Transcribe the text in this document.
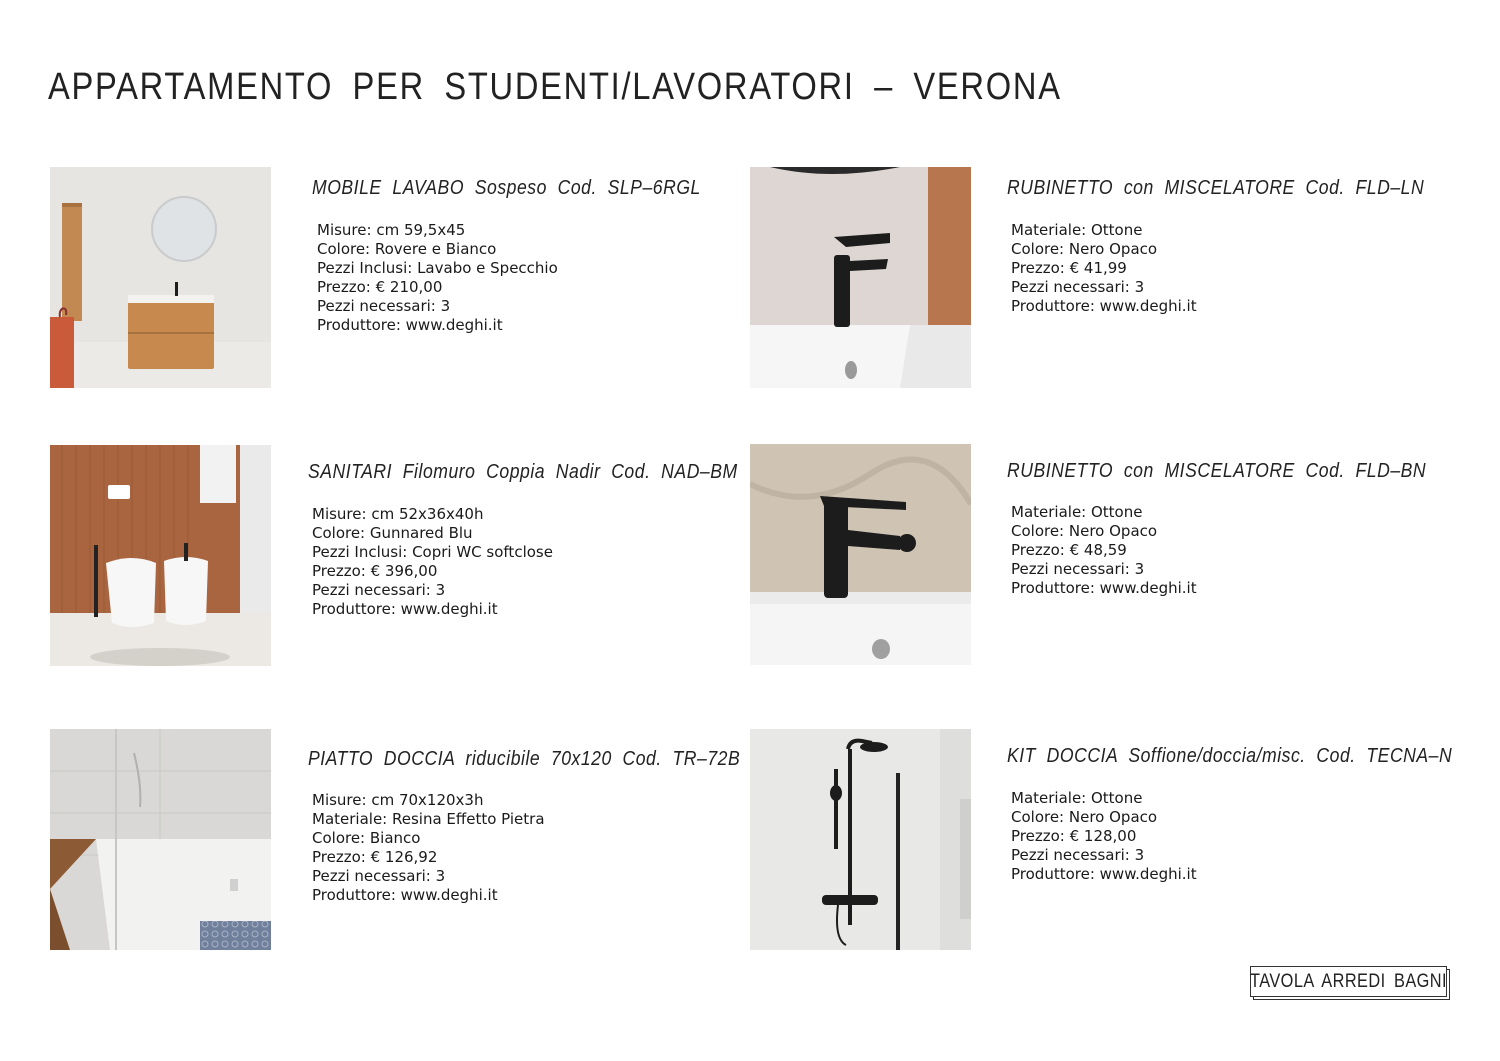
APPARTAMENTO PER STUDENTI/LAVORATORI – VERONA
MOBILE LAVABO Sospeso Cod. SLP–6RGL
Misure: cm 59,5x45
Colore: Rovere e Bianco
Pezzi Inclusi: Lavabo e Specchio
Prezzo: € 210,00
Pezzi necessari: 3
Produttore: www.deghi.it
RUBINETTO con MISCELATORE Cod. FLD–LN
Materiale: Ottone
Colore: Nero Opaco
Prezzo: € 41,99
Pezzi necessari: 3
Produttore: www.deghi.it
SANITARI Filomuro Coppia Nadir Cod. NAD–BM
Misure: cm 52x36x40h
Colore: Gunnared Blu
Pezzi Inclusi: Copri WC softclose
Prezzo: € 396,00
Pezzi necessari: 3
Produttore: www.deghi.it
RUBINETTO con MISCELATORE Cod. FLD–BN
Materiale: Ottone
Colore: Nero Opaco
Prezzo: € 48,59
Pezzi necessari: 3
Produttore: www.deghi.it
PIATTO DOCCIA riducibile 70x120 Cod. TR–72B
Misure: cm 70x120x3h
Materiale: Resina Effetto Pietra
Colore: Bianco
Prezzo: € 126,92
Pezzi necessari: 3
Produttore: www.deghi.it
KIT DOCCIA Soffione/doccia/misc. Cod. TECNA–N
Materiale: Ottone
Colore: Nero Opaco
Prezzo: € 128,00
Pezzi necessari: 3
Produttore: www.deghi.it
TAVOLA ARREDI BAGNI
